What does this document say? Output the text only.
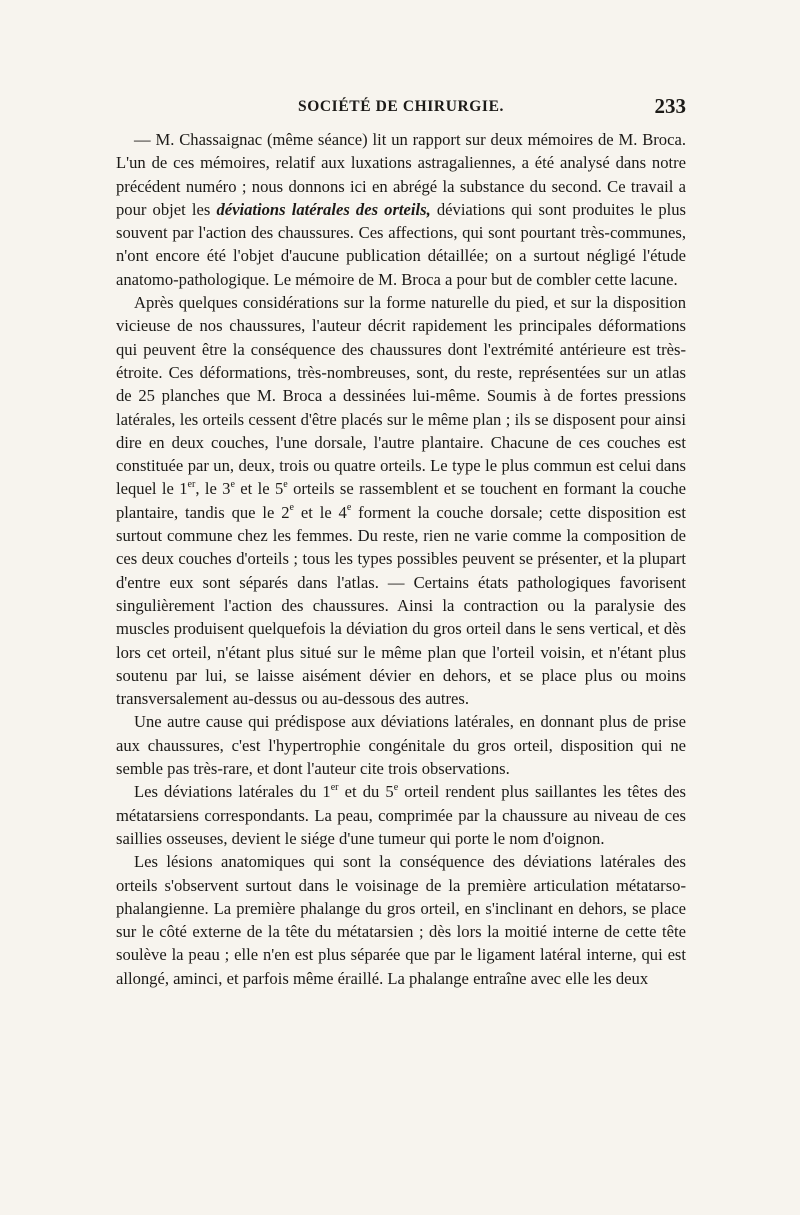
SOCIÉTÉ DE CHIRURGIE.	233

— M. Chassaignac (même séance) lit un rapport sur deux mémoires de M. Broca. L'un de ces mémoires, relatif aux luxations astragaliennes, a été analysé dans notre précédent numéro ; nous donnons ici en abrégé la substance du second. Ce travail a pour objet les déviations latérales des orteils, déviations qui sont produites le plus souvent par l'action des chaussures. Ces affections, qui sont pourtant très-communes, n'ont encore été l'objet d'aucune publication détaillée; on a surtout négligé l'étude anatomo-pathologique. Le mémoire de M. Broca a pour but de combler cette lacune.

Après quelques considérations sur la forme naturelle du pied, et sur la disposition vicieuse de nos chaussures, l'auteur décrit rapidement les principales déformations qui peuvent être la conséquence des chaussures dont l'extrémité antérieure est très-étroite. Ces déformations, très-nombreuses, sont, du reste, représentées sur un atlas de 25 planches que M. Broca a dessinées lui-même. Soumis à de fortes pressions latérales, les orteils cessent d'être placés sur le même plan ; ils se disposent pour ainsi dire en deux couches, l'une dorsale, l'autre plantaire. Chacune de ces couches est constituée par un, deux, trois ou quatre orteils. Le type le plus commun est celui dans lequel le 1er, le 3e et le 5e orteils se rassemblent et se touchent en formant la couche plantaire, tandis que le 2e et le 4e forment la couche dorsale; cette disposition est surtout commune chez les femmes. Du reste, rien ne varie comme la composition de ces deux couches d'orteils ; tous les types possibles peuvent se présenter, et la plupart d'entre eux sont séparés dans l'atlas. — Certains états pathologiques favorisent singulièrement l'action des chaussures. Ainsi la contraction ou la paralysie des muscles produisent quelquefois la déviation du gros orteil dans le sens vertical, et dès lors cet orteil, n'étant plus situé sur le même plan que l'orteil voisin, et n'étant plus soutenu par lui, se laisse aisément dévier en dehors, et se place plus ou moins transversalement au-dessus ou au-dessous des autres.

Une autre cause qui prédispose aux déviations latérales, en donnant plus de prise aux chaussures, c'est l'hypertrophie congénitale du gros orteil, disposition qui ne semble pas très-rare, et dont l'auteur cite trois observations.

Les déviations latérales du 1er et du 5e orteil rendent plus saillantes les têtes des métatarsiens correspondants. La peau, comprimée par la chaussure au niveau de ces saillies osseuses, devient le siége d'une tumeur qui porte le nom d'oignon.

Les lésions anatomiques qui sont la conséquence des déviations latérales des orteils s'observent surtout dans le voisinage de la première articulation métatarso-phalangienne. La première phalange du gros orteil, en s'inclinant en dehors, se place sur le côté externe de la tête du métatarsien ; dès lors la moitié interne de cette tête soulève la peau ; elle n'en est plus séparée que par le ligament latéral interne, qui est allongé, aminci, et parfois même éraillé. La phalange entraîne avec elle les deux
